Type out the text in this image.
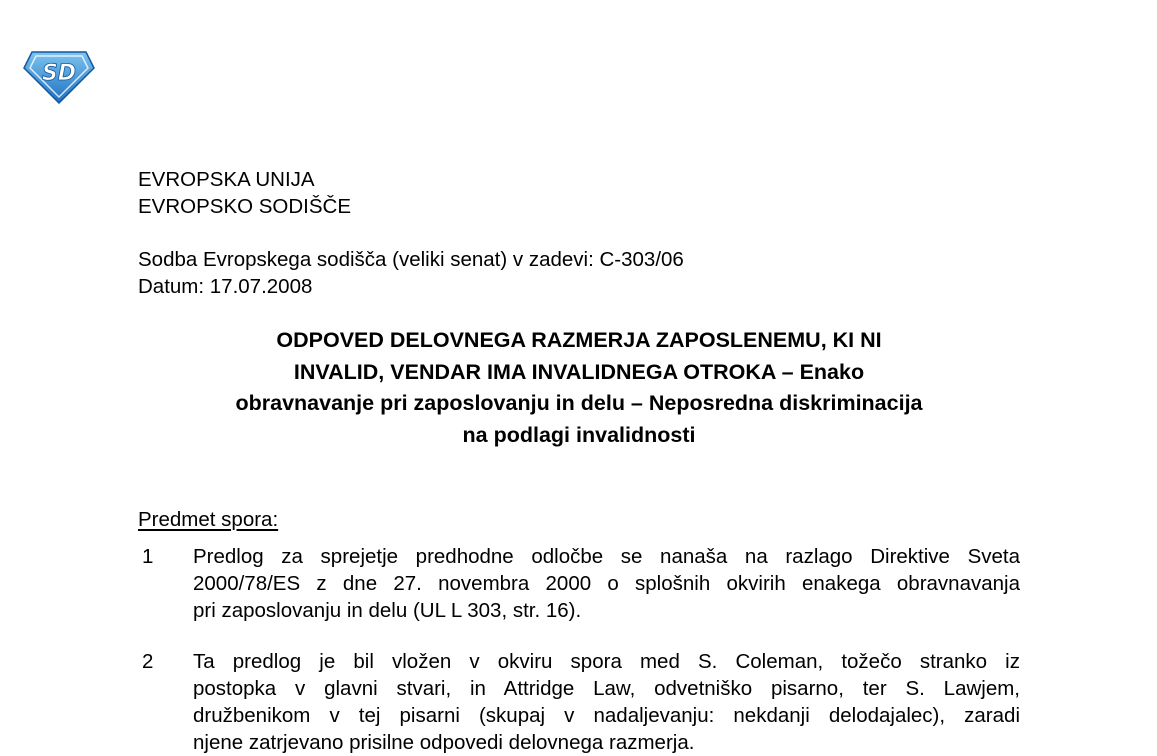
SD
EVROPSKA UNIJA
EVROPSKO SODIŠČE
Sodba Evropskega sodišča (veliki senat) v zadevi: C-303/06
Datum: 17.07.2008
ODPOVED DELOVNEGA RAZMERJA ZAPOSLENEMU, KI NI
INVALID, VENDAR IMA INVALIDNEGA OTROKA – Enako
obravnavanje pri zaposlovanju in delu – Neposredna diskriminacija
na podlagi invalidnosti
Predmet spora:
1 Predlog za sprejetje predhodne odločbe se nanaša na razlago Direktive Sveta
2000/78/ES z dne 27. novembra 2000 o splošnih okvirih enakega obravnavanja
pri zaposlovanju in delu (UL L 303, str. 16).
2 Ta predlog je bil vložen v okviru spora med S. Coleman, tožečo stranko iz
postopka v glavni stvari, in Attridge Law, odvetniško pisarno, ter S. Lawjem,
družbenikom v tej pisarni (skupaj v nadaljevanju: nekdanji delodajalec), zaradi
njene zatrjevano prisilne odpovedi delovnega razmerja.
